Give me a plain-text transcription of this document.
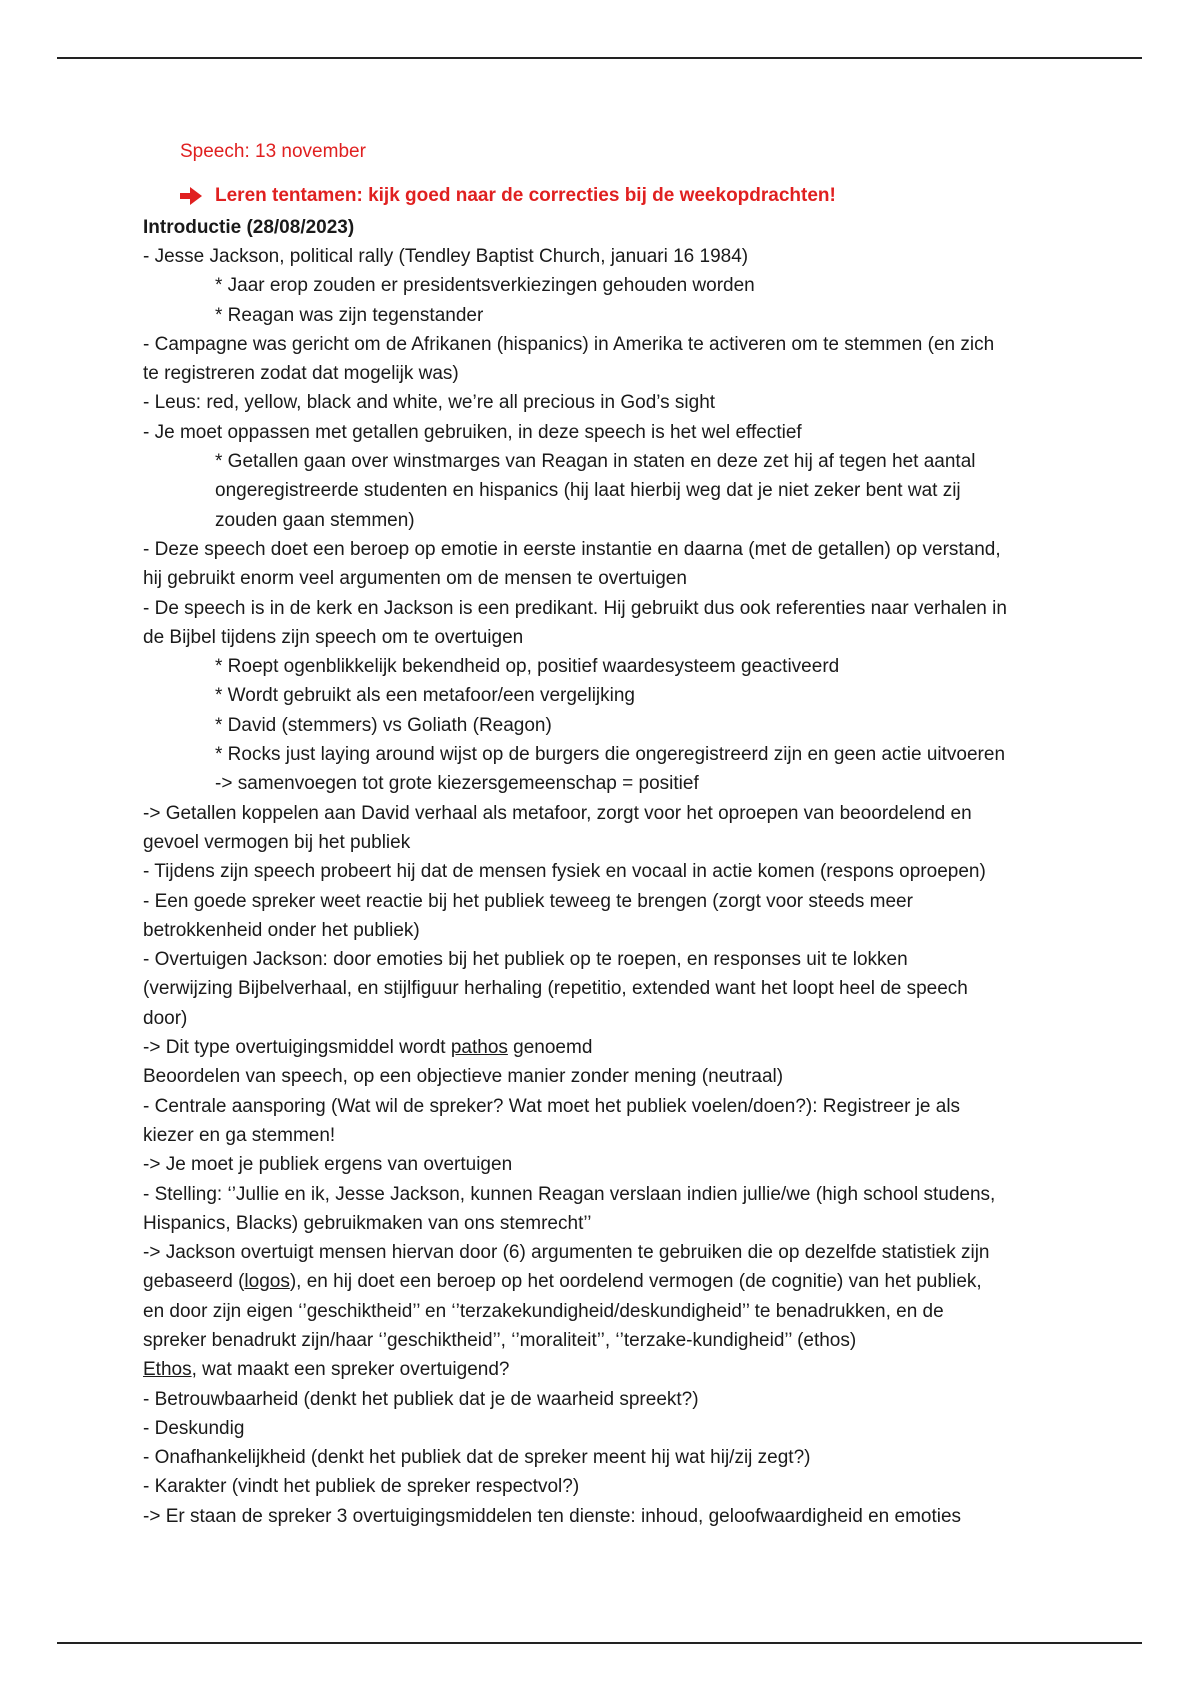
Speech: 13 november
Leren tentamen: kijk goed naar de correcties bij de weekopdrachten!
Introductie (28/08/2023)
- Jesse Jackson, political rally (Tendley Baptist Church, januari 16 1984)
* Jaar erop zouden er presidentsverkiezingen gehouden worden
* Reagan was zijn tegenstander
- Campagne was gericht om de Afrikanen (hispanics) in Amerika te activeren om te stemmen (en zich
te registreren zodat dat mogelijk was)
- Leus: red, yellow, black and white, we’re all precious in God’s sight
- Je moet oppassen met getallen gebruiken, in deze speech is het wel effectief
* Getallen gaan over winstmarges van Reagan in staten en deze zet hij af tegen het aantal
ongeregistreerde studenten en hispanics (hij laat hierbij weg dat je niet zeker bent wat zij
zouden gaan stemmen)
- Deze speech doet een beroep op emotie in eerste instantie en daarna (met de getallen) op verstand,
hij gebruikt enorm veel argumenten om de mensen te overtuigen
- De speech is in de kerk en Jackson is een predikant. Hij gebruikt dus ook referenties naar verhalen in
de Bijbel tijdens zijn speech om te overtuigen
* Roept ogenblikkelijk bekendheid op, positief waardesysteem geactiveerd
* Wordt gebruikt als een metafoor/een vergelijking
* David (stemmers) vs Goliath (Reagon)
* Rocks just laying around wijst op de burgers die ongeregistreerd zijn en geen actie uitvoeren
-> samenvoegen tot grote kiezersgemeenschap = positief
-> Getallen koppelen aan David verhaal als metafoor, zorgt voor het oproepen van beoordelend en
gevoel vermogen bij het publiek
- Tijdens zijn speech probeert hij dat de mensen fysiek en vocaal in actie komen (respons oproepen)
- Een goede spreker weet reactie bij het publiek teweeg te brengen (zorgt voor steeds meer
betrokkenheid onder het publiek)
- Overtuigen Jackson: door emoties bij het publiek op te roepen, en responses uit te lokken
(verwijzing Bijbelverhaal, en stijlfiguur herhaling (repetitio, extended want het loopt heel de speech
door)
-> Dit type overtuigingsmiddel wordt pathos genoemd
Beoordelen van speech, op een objectieve manier zonder mening (neutraal)
- Centrale aansporing (Wat wil de spreker? Wat moet het publiek voelen/doen?): Registreer je als
kiezer en ga stemmen!
-> Je moet je publiek ergens van overtuigen
- Stelling: ‘’Jullie en ik, Jesse Jackson, kunnen Reagan verslaan indien jullie/we (high school studens,
Hispanics, Blacks) gebruikmaken van ons stemrecht’’
-> Jackson overtuigt mensen hiervan door (6) argumenten te gebruiken die op dezelfde statistiek zijn
gebaseerd (logos), en hij doet een beroep op het oordelend vermogen (de cognitie) van het publiek,
en door zijn eigen ‘’geschiktheid’’ en ‘’terzakekundigheid/deskundigheid’’ te benadrukken, en de
spreker benadrukt zijn/haar ‘’geschiktheid’’, ‘’moraliteit’’, ‘’terzake-kundigheid’’ (ethos)
Ethos, wat maakt een spreker overtuigend?
- Betrouwbaarheid (denkt het publiek dat je de waarheid spreekt?)
- Deskundig
- Onafhankelijkheid (denkt het publiek dat de spreker meent hij wat hij/zij zegt?)
- Karakter (vindt het publiek de spreker respectvol?)
-> Er staan de spreker 3 overtuigingsmiddelen ten dienste: inhoud, geloofwaardigheid en emoties
